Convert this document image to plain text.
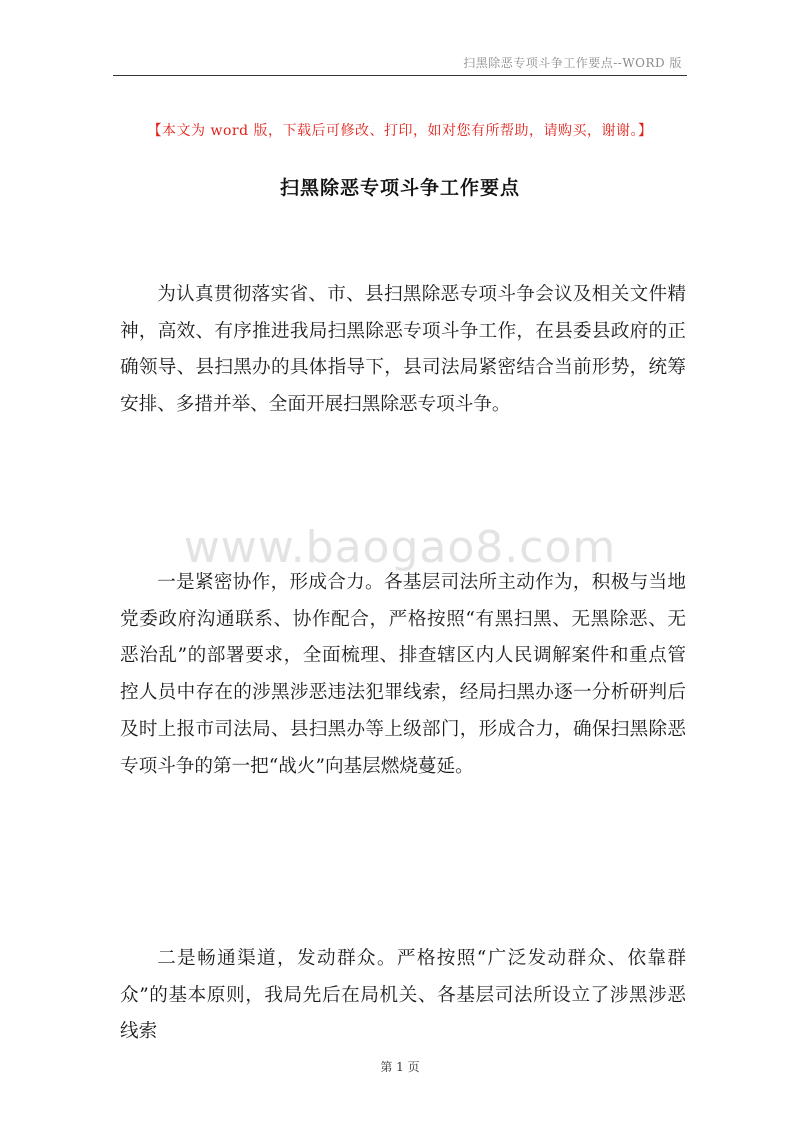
扫黑除恶专项斗争工作要点--WORD 版
【本文为 word 版，下载后可修改、打印，如对您有所帮助，请购买，谢谢。】
扫黑除恶专项斗争工作要点

为认真贯彻落实省、市、县扫黑除恶专项斗争会议及相关文件精神，高效、有序推进我局扫黑除恶专项斗争工作，在县委县政府的正确领导、县扫黑办的具体指导下，县司法局紧密结合当前形势，统筹安排、多措并举、全面开展扫黑除恶专项斗争。

www.baogao8.com

一是紧密协作，形成合力。各基层司法所主动作为，积极与当地党委政府沟通联系、协作配合，严格按照“有黑扫黑、无黑除恶、无恶治乱”的部署要求，全面梳理、排查辖区内人民调解案件和重点管控人员中存在的涉黑涉恶违法犯罪线索，经局扫黑办逐一分析研判后及时上报市司法局、县扫黑办等上级部门，形成合力，确保扫黑除恶专项斗争的第一把“战火”向基层燃烧蔓延。

二是畅通渠道，发动群众。严格按照“广泛发动群众、依靠群众”的基本原则，我局先后在局机关、各基层司法所设立了涉黑涉恶线索

第 1 页
